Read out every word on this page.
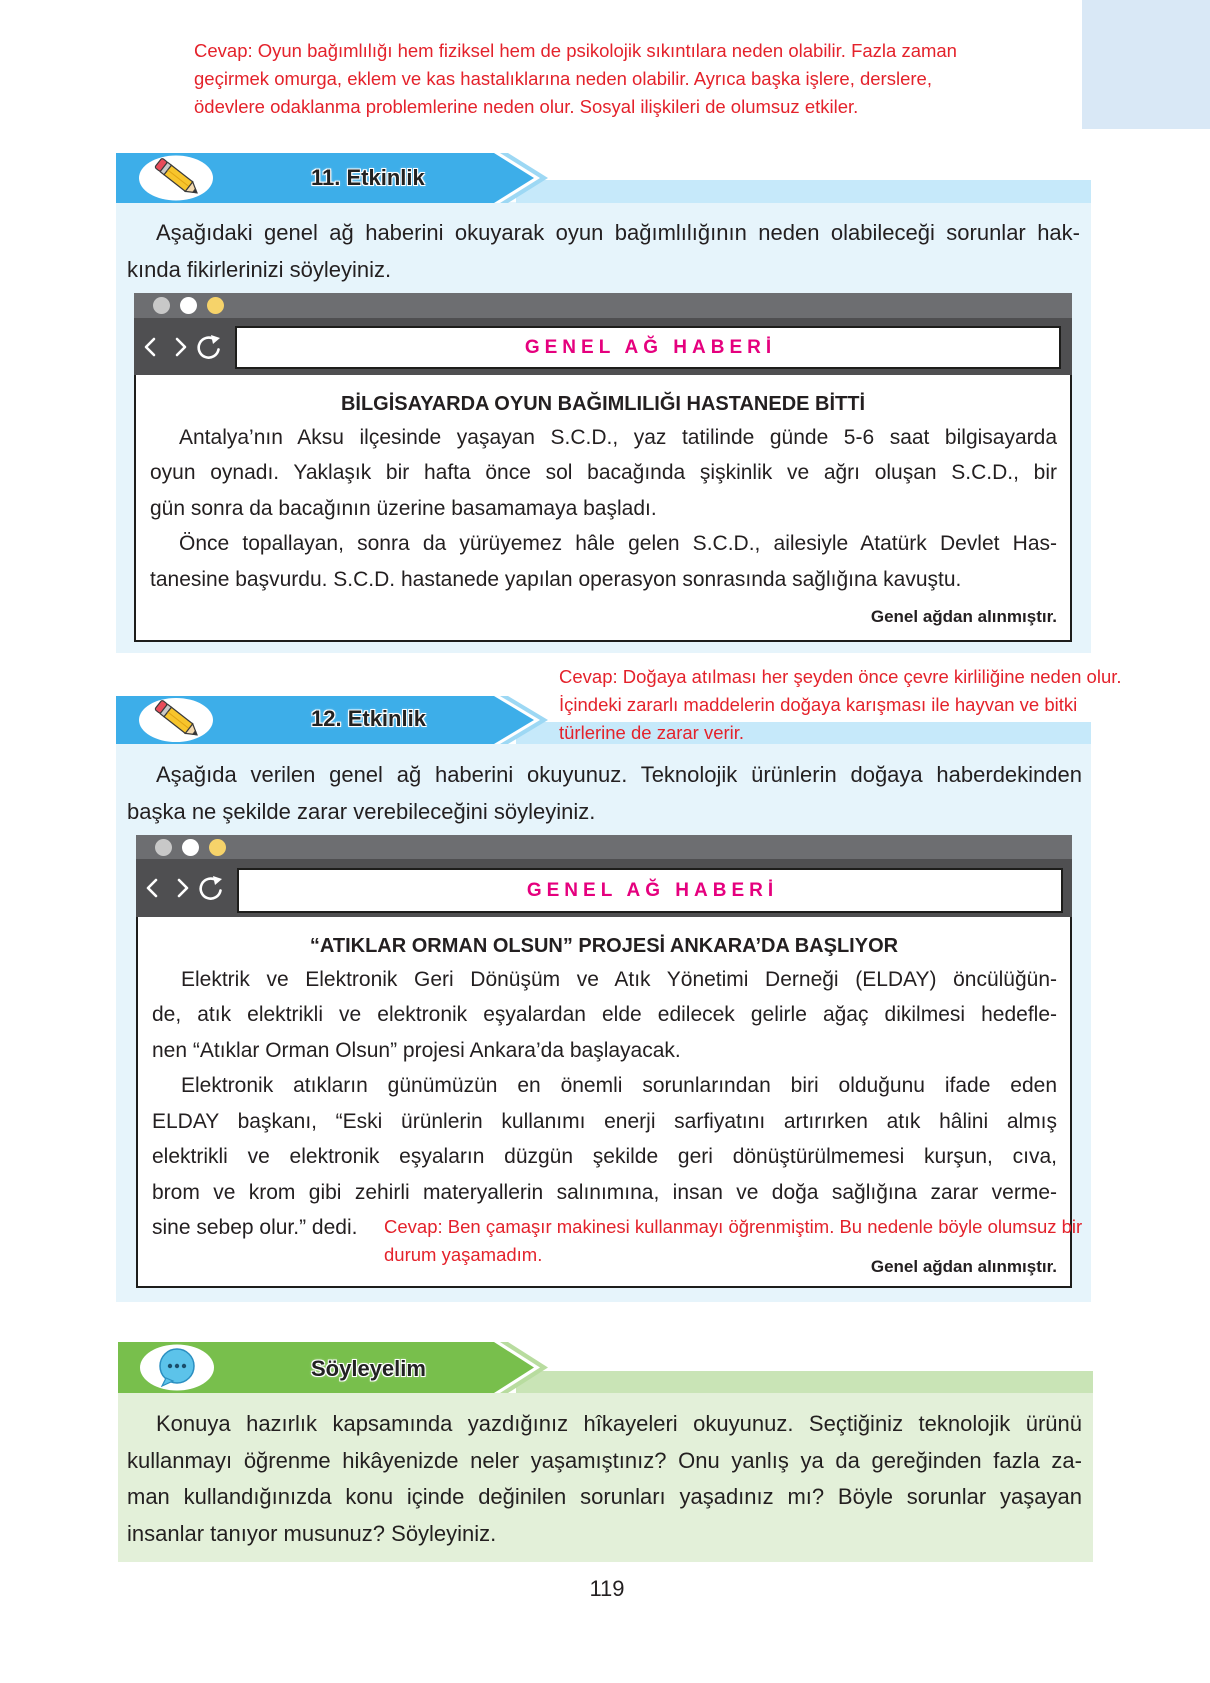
Cevap: Oyun bağımlılığı hem fiziksel hem de psikolojik sıkıntılara neden olabilir. Fazla zaman
geçirmek omurga, eklem ve kas hastalıklarına neden olabilir. Ayrıca başka işlere, derslere,
ödevlere odaklanma problemlerine neden olur. Sosyal ilişkileri de olumsuz etkiler.
11. Etkinlik
Aşağıdaki genel ağ haberini okuyarak oyun bağımlılığının neden olabileceği sorunlar hak-
kında fikirlerinizi söyleyiniz.
GENEL AĞ HABERİ
BİLGİSAYARDA OYUN BAĞIMLILIĞI HASTANEDE BİTTİ
Antalya’nın Aksu ilçesinde yaşayan S.C.D., yaz tatilinde günde 5-6 saat bilgisayarda
oyun oynadı. Yaklaşık bir hafta önce sol bacağında şişkinlik ve ağrı oluşan S.C.D., bir
gün sonra da bacağının üzerine basamamaya başladı.
Önce topallayan, sonra da yürüyemez hâle gelen S.C.D., ailesiyle Atatürk Devlet Has-
tanesine başvurdu. S.C.D. hastanede yapılan operasyon sonrasında sağlığına kavuştu.
Genel ağdan alınmıştır.
Cevap: Doğaya atılması her şeyden önce çevre kirliliğine neden olur.
İçindeki zararlı maddelerin doğaya karışması ile hayvan ve bitki
türlerine de zarar verir.
12. Etkinlik
Aşağıda verilen genel ağ haberini okuyunuz. Teknolojik ürünlerin doğaya haberdekinden
başka ne şekilde zarar verebileceğini söyleyiniz.
GENEL AĞ HABERİ
“ATIKLAR ORMAN OLSUN” PROJESİ ANKARA’DA BAŞLIYOR
Elektrik ve Elektronik Geri Dönüşüm ve Atık Yönetimi Derneği (ELDAY) öncülüğün-
de, atık elektrikli ve elektronik eşyalardan elde edilecek gelirle ağaç dikilmesi hedefle-
nen “Atıklar Orman Olsun” projesi Ankara’da başlayacak.
Elektronik atıkların günümüzün en önemli sorunlarından biri olduğunu ifade eden
ELDAY başkanı, “Eski ürünlerin kullanımı enerji sarfiyatını artırırken atık hâlini almış
elektrikli ve elektronik eşyaların düzgün şekilde geri dönüştürülmemesi kurşun, cıva,
brom ve krom gibi zehirli materyallerin salınımına, insan ve doğa sağlığına zarar verme-
sine sebep olur.” dedi.
Genel ağdan alınmıştır.
Cevap: Ben çamaşır makinesi kullanmayı öğrenmiştim. Bu nedenle böyle olumsuz bir
durum yaşamadım.
Söyleyelim
Konuya hazırlık kapsamında yazdığınız hîkayeleri okuyunuz. Seçtiğiniz teknolojik ürünü
kullanmayı öğrenme hikâyenizde neler yaşamıştınız? Onu yanlış ya da gereğinden fazla za-
man kullandığınızda konu içinde değinilen sorunları yaşadınız mı? Böyle sorunlar yaşayan
insanlar tanıyor musunuz? Söyleyiniz.
119
